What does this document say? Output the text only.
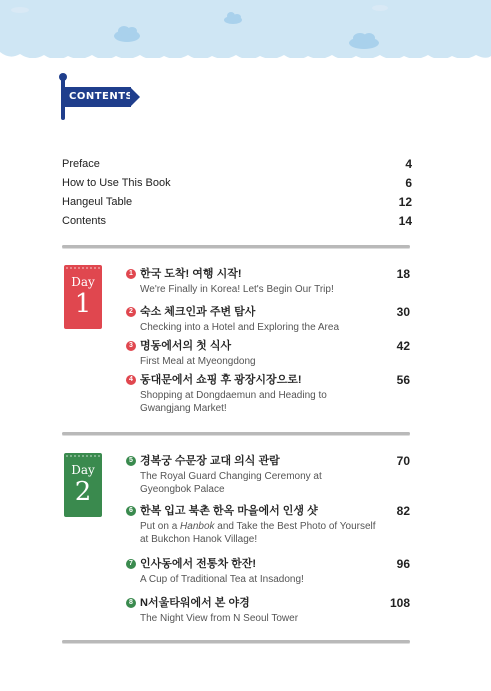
CONTENTS
Preface	4
How to Use This Book	6
Hangeul Table	12
Contents	14
Day
1
1 한국 도착! 여행 시작!
We're Finally in Korea! Let's Begin Our Trip!
18
2 숙소 체크인과 주변 탐사
Checking into a Hotel and Exploring the Area
30
3 명동에서의 첫 식사
First Meal at Myeongdong
42
4 동대문에서 쇼핑 후 광장시장으로!
Shopping at Dongdaemun and Heading to Gwangjang Market!
56
Day
2
5 경복궁 수문장 교대 의식 관람
The Royal Guard Changing Ceremony at Gyeongbok Palace
70
6 한복 입고 북촌 한옥 마을에서 인생 샷
Put on a Hanbok and Take the Best Photo of Yourself at Bukchon Hanok Village!
82
7 인사동에서 전통차 한잔!
A Cup of Traditional Tea at Insadong!
96
8 N서울타워에서 본 야경
The Night View from N Seoul Tower
108
